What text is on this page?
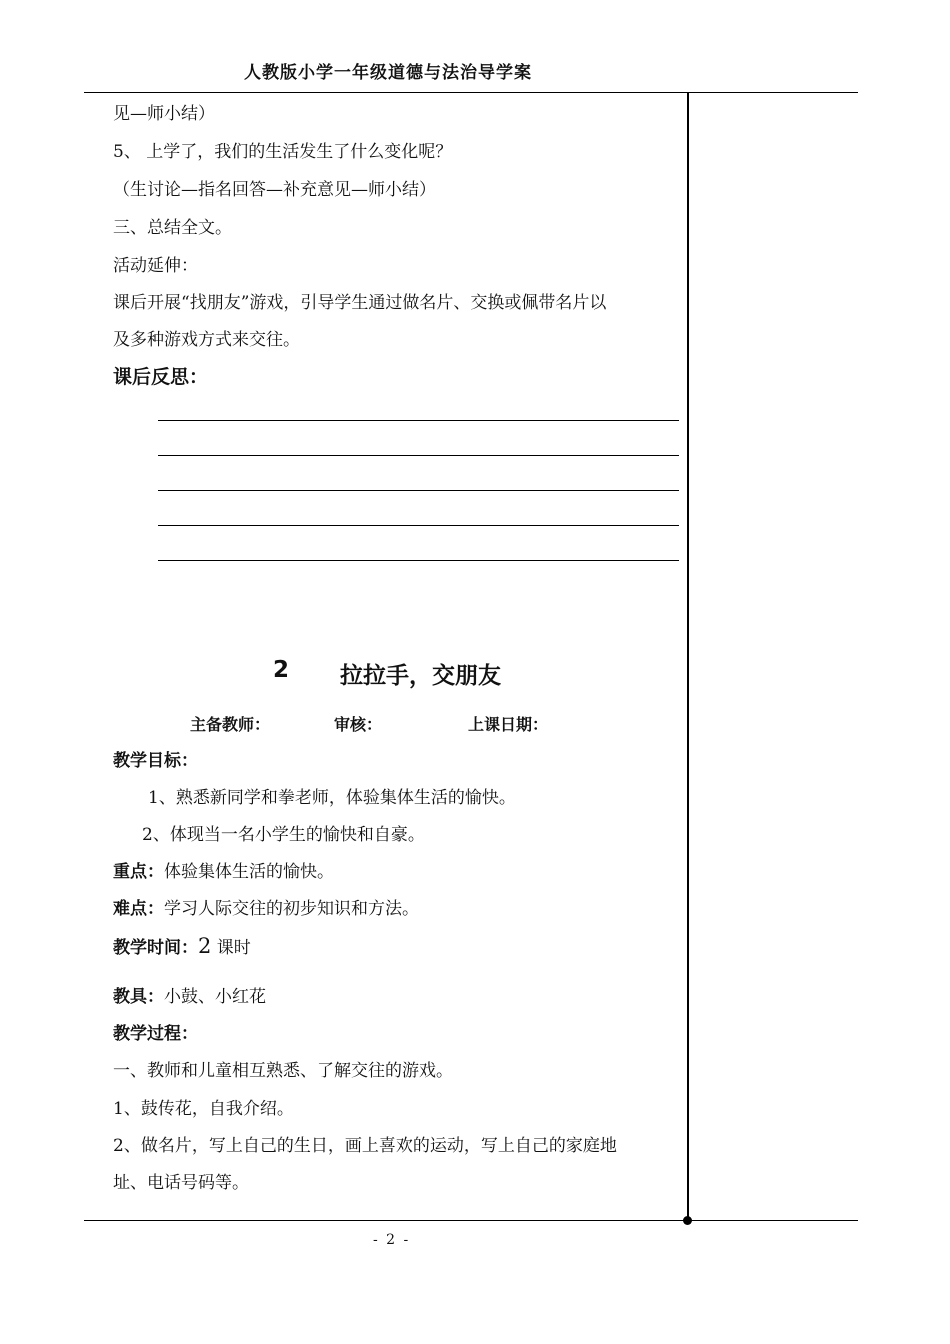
人教版小学一年级道德与法治导学案
见—师小结）
5、 上学了，我们的生活发生了什么变化呢？
（生讨论—指名回答—补充意见—师小结）
三、总结全文。
活动延伸：
课后开展“找朋友”游戏，引导学生通过做名片、交换或佩带名片以
及多种游戏方式来交往。
课后反思：
2 拉拉手，交朋友
主备教师：	审核：	上课日期：
教学目标：
1、熟悉新同学和拳老师，体验集体生活的愉快。
2、体现当一名小学生的愉快和自豪。
重点：体验集体生活的愉快。
难点：学习人际交往的初步知识和方法。
教学时间：2 课时
教具：小鼓、小红花
教学过程：
一、教师和儿童相互熟悉、了解交往的游戏。
1、鼓传花，自我介绍。
2、做名片，写上自己的生日，画上喜欢的运动，写上自己的家庭地
址、电话号码等。
- 2 -
